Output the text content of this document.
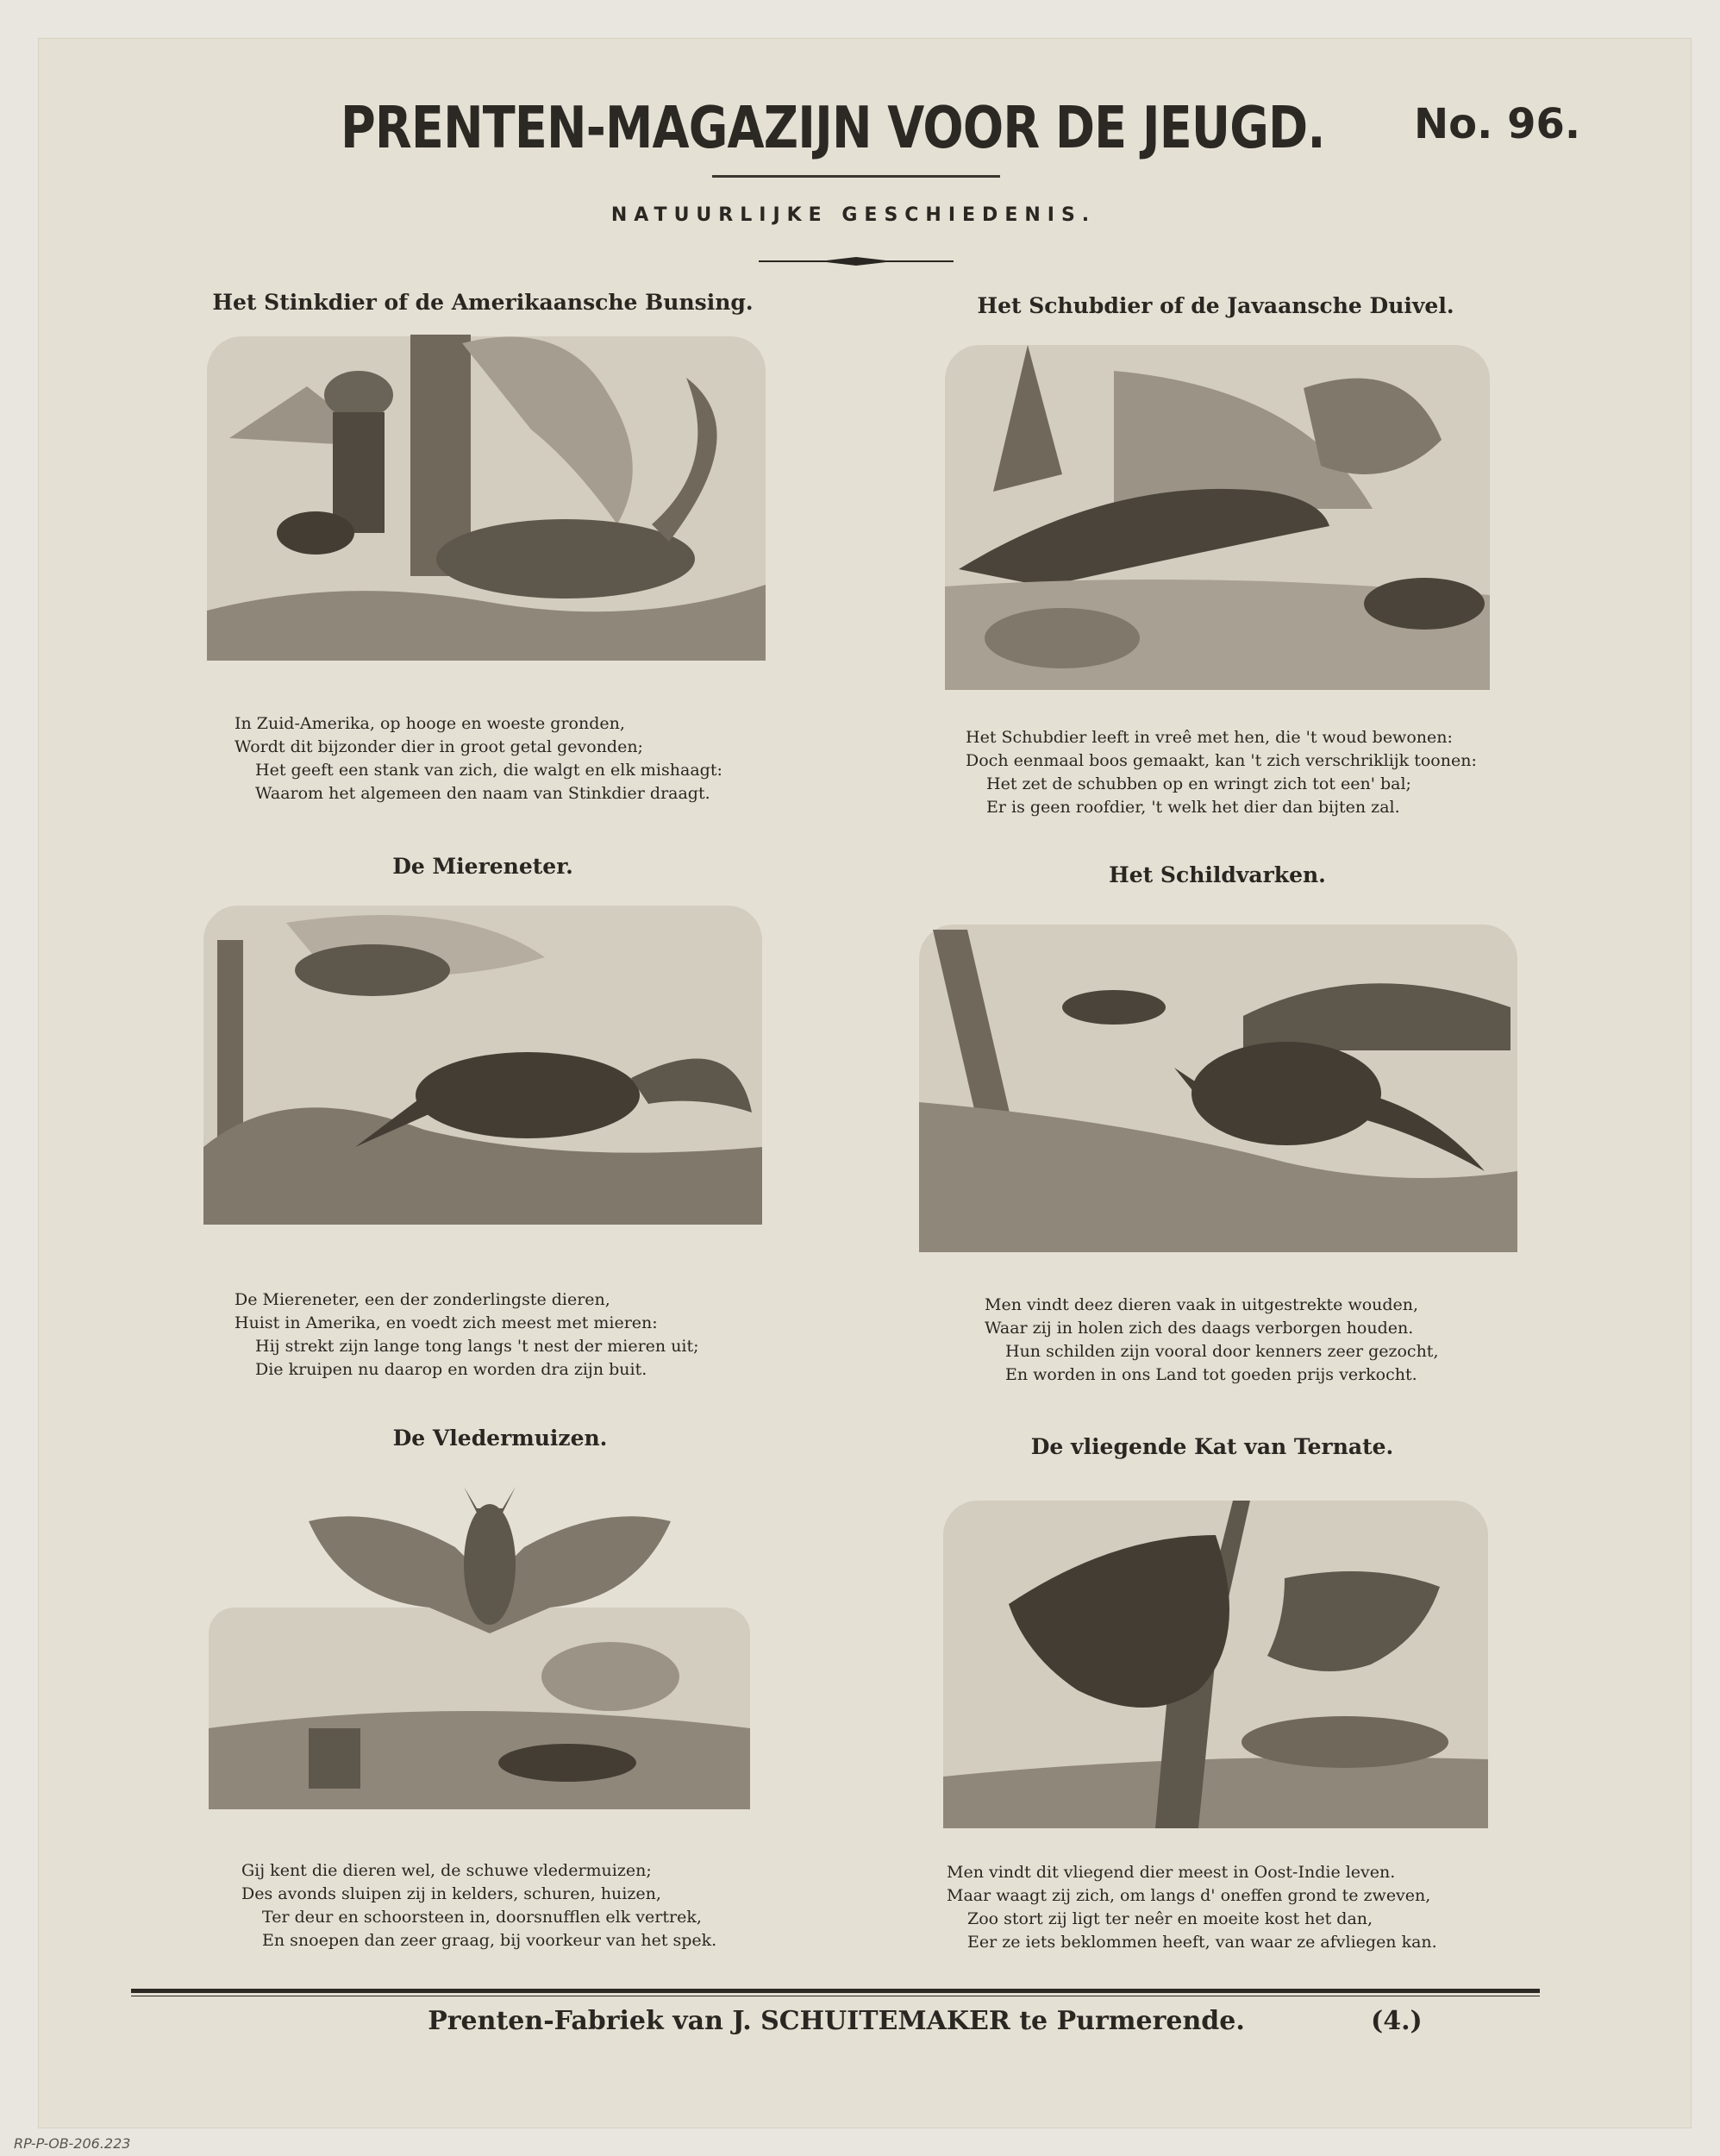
PRENTEN-MAGAZIJN VOOR DE JEUGD. No. 96.
NATUURLIJKE GESCHIEDENIS.
Het Stinkdier of de Amerikaansche Bunsing.
In Zuid-Amerika, op hooge en woeste gronden,
Wordt dit bijzonder dier in groot getal gevonden;
Het geeft een stank van zich, die walgt en elk mishaagt:
Waarom het algemeen den naam van Stinkdier draagt.
Het Schubdier of de Javaansche Duivel.
Het Schubdier leeft in vreê met hen, die 't woud bewonen:
Doch eenmaal boos gemaakt, kan 't zich verschriklijk toonen:
Het zet de schubben op en wringt zich tot een' bal;
Er is geen roofdier, 't welk het dier dan bijten zal.
De Miereneter.
De Miereneter, een der zonderlingste dieren,
Huist in Amerika, en voedt zich meest met mieren:
Hij strekt zijn lange tong langs 't nest der mieren uit;
Die kruipen nu daarop en worden dra zijn buit.
Het Schildvarken.
Men vindt deez dieren vaak in uitgestrekte wouden,
Waar zij in holen zich des daags verborgen houden.
Hun schilden zijn vooral door kenners zeer gezocht,
En worden in ons Land tot goeden prijs verkocht.
De Vledermuizen.
Gij kent die dieren wel, de schuwe vledermuizen;
Des avonds sluipen zij in kelders, schuren, huizen,
Ter deur en schoorsteen in, doorsnufflen elk vertrek,
En snoepen dan zeer graag, bij voorkeur van het spek.
De vliegende Kat van Ternate.
Men vindt dit vliegend dier meest in Oost-Indie leven.
Maar waagt zij zich, om langs d' oneffen grond te zweven,
Zoo stort zij ligt ter neêr en moeite kost het dan,
Eer ze iets beklommen heeft, van waar ze afvliegen kan.
Prenten-Fabriek van J. SCHUITEMAKER te Purmerende.	(4.)
RP-P-OB-206.223
